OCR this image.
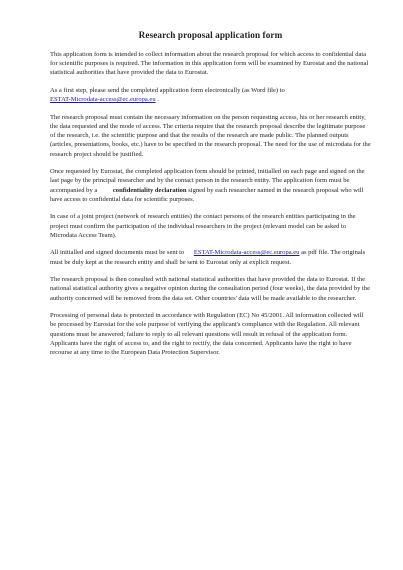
Research proposal application form

This application form is intended to collect information about the research proposal for which access to confidential data for scientific purposes is required. The information in this application form will be examined by Eurostat and the national statistical authorities that have provided the data to Eurostat.

As a first step, please send the completed application form electronically (as Word file) to
ESTAT-Microdata-access@ec.europa.eu .

The research proposal must contain the necessary information on the person requesting access, his or her research entity, the data requested and the mode of access. The criteria require that the research proposal describe the legitimate purpose of the research, i.e. the scientific purpose and that the results of the research are made public. The planned outputs (articles, presentations, books, etc.) have to be specified in the research proposal. The need for the use of microdata for the research project should be justified.

Once requested by Eurostat, the completed application form should be printed, initialled on each page and signed on the last page by the principal researcher and by the contact person in the research entity. The application form must be accompanied by a confidentiality declaration signed by each researcher named in the research proposal who will have access to confidential data for scientific purposes.

In case of a joint project (network of research entities) the contact persons of the research entities participating in the project must confirm the participation of the individual researchers in the project (relevant model can be asked to Microdata Access Team).

All initialled and signed documents must be sent to ESTAT-Microdata-access@ec.europa.eu as pdf file. The originals must be duly kept at the research entity and shall be sent to Eurostat only at explicit request.

The research proposal is then consulted with national statistical authorities that have provided the data to Eurostat. If the national statistical authority gives a negative opinion during the consultation period (four weeks), the data provided by the authority concerned will be removed from the data set. Other countries' data will be made available to the researcher.

Processing of personal data is protected in accordance with Regulation (EC) No 45/2001. All information collected will be processed by Eurostat for the sole purpose of verifying the applicant's compliance with the Regulation. All relevant questions must be answered; failure to reply to all relevant questions will result in refusal of the application form. Applicants have the right of access to, and the right to rectify, the data concerned. Applicants have the right to have recourse at any time to the European Data Protection Supervisor.
